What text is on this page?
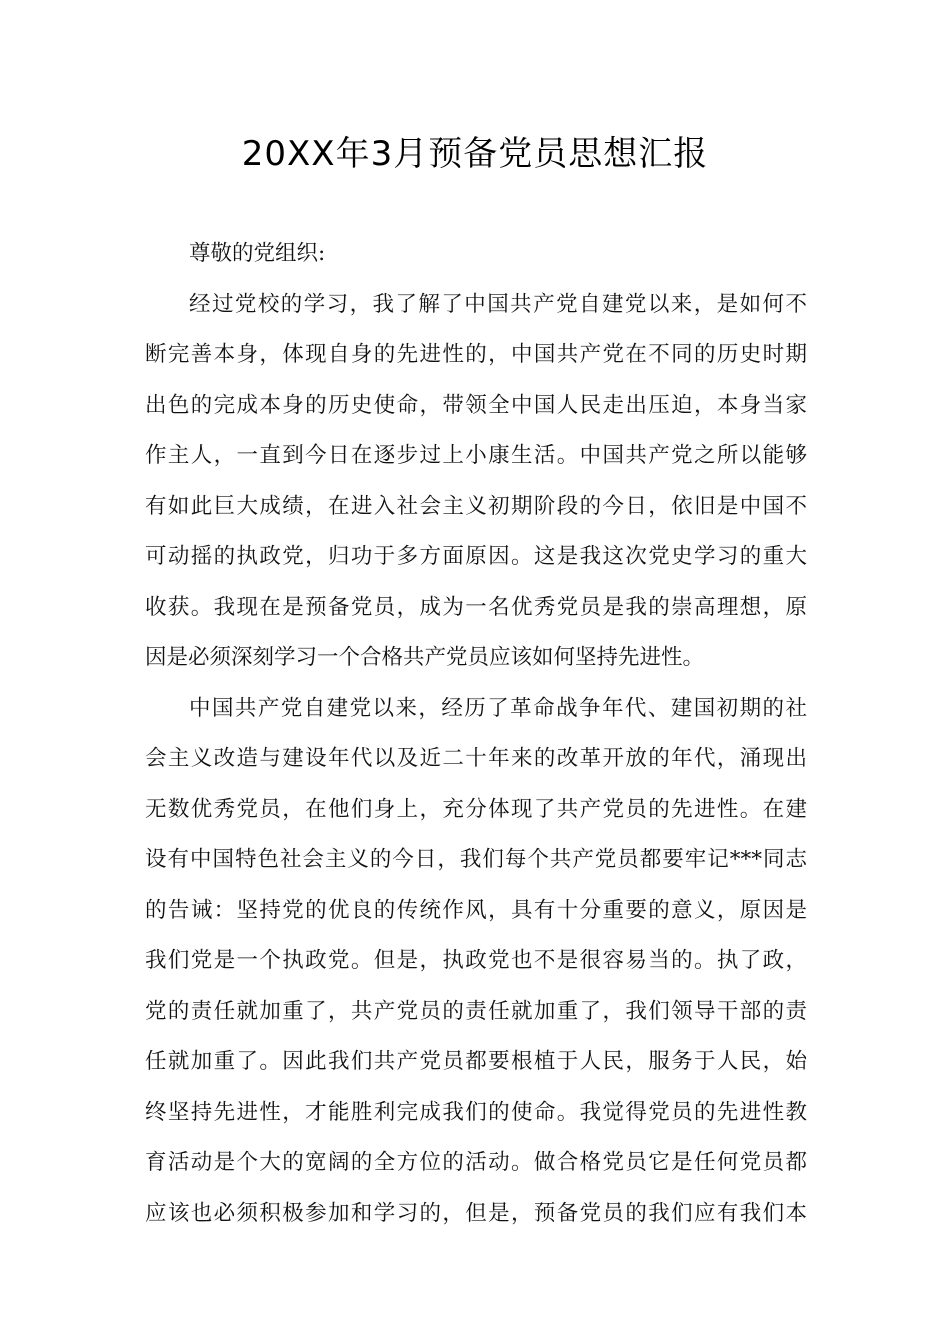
20XX年3月预备党员思想汇报
尊敬的党组织:
经过党校的学习，我了解了中国共产党自建党以来，是如何不
断完善本身，体现自身的先进性的，中国共产党在不同的历史时期
出色的完成本身的历史使命，带领全中国人民走出压迫，本身当家
作主人，一直到今日在逐步过上小康生活。中国共产党之所以能够
有如此巨大成绩，在进入社会主义初期阶段的今日，依旧是中国不
可动摇的执政党，归功于多方面原因。这是我这次党史学习的重大
收获。我现在是预备党员，成为一名优秀党员是我的崇高理想，原
因是必须深刻学习一个合格共产党员应该如何坚持先进性。
中国共产党自建党以来，经历了革命战争年代、建国初期的社
会主义改造与建设年代以及近二十年来的改革开放的年代，涌现出
无数优秀党员，在他们身上，充分体现了共产党员的先进性。在建
设有中国特色社会主义的今日，我们每个共产党员都要牢记***同志
的告诫：坚持党的优良的传统作风，具有十分重要的意义，原因是
我们党是一个执政党。但是，执政党也不是很容易当的。执了政，
党的责任就加重了，共产党员的责任就加重了，我们领导干部的责
任就加重了。因此我们共产党员都要根植于人民，服务于人民，始
终坚持先进性，才能胜利完成我们的使命。我觉得党员的先进性教
育活动是个大的宽阔的全方位的活动。做合格党员它是任何党员都
应该也必须积极参加和学习的，但是，预备党员的我们应有我们本
